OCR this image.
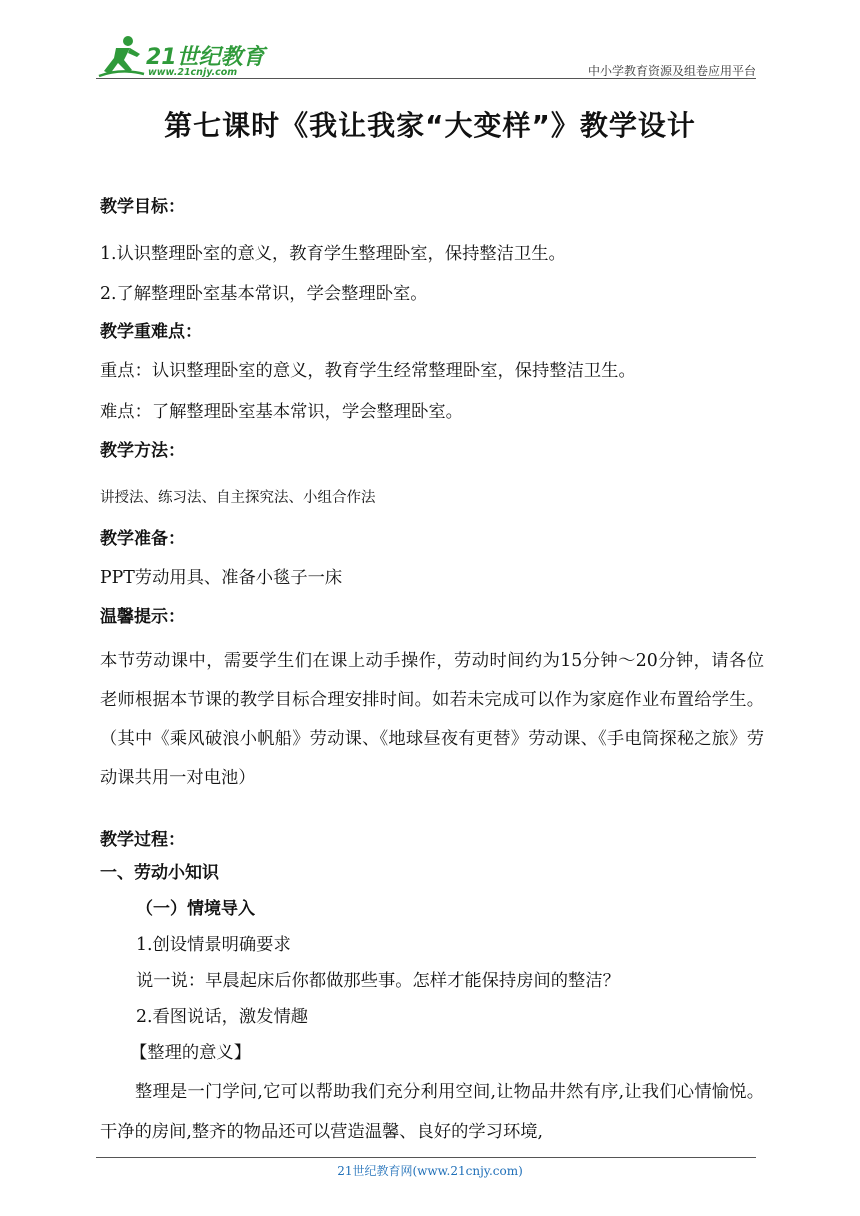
21世纪教育
www.21cnjy.com	中小学教育资源及组卷应用平台
第七课时《我让我家“大变样”》教学设计
教学目标：
1.认识整理卧室的意义，教育学生整理卧室，保持整洁卫生。
2.了解整理卧室基本常识，学会整理卧室。
教学重难点：
重点：认识整理卧室的意义，教育学生经常整理卧室，保持整洁卫生。
难点：了解整理卧室基本常识，学会整理卧室。
教学方法：
讲授法、练习法、自主探究法、小组合作法
教学准备：
PPT劳动用具、准备小毯子一床
温馨提示：
本节劳动课中，需要学生们在课上动手操作，劳动时间约为15分钟～20分钟，请各位老师根据本节课的教学目标合理安排时间。如若未完成可以作为家庭作业布置给学生。（其中《乘风破浪小帆船》劳动课、《地球昼夜有更替》劳动课、《手电筒探秘之旅》劳动课共用一对电池）
教学过程：
一、劳动小知识
（一）情境导入
1.创设情景明确要求
说一说：早晨起床后你都做那些事。怎样才能保持房间的整洁？
2.看图说话，激发情趣
【整理的意义】
整理是一门学问,它可以帮助我们充分利用空间,让物品井然有序,让我们心情愉悦。干净的房间,整齐的物品还可以营造温馨、良好的学习环境,
21世纪教育网(www.21cnjy.com)
